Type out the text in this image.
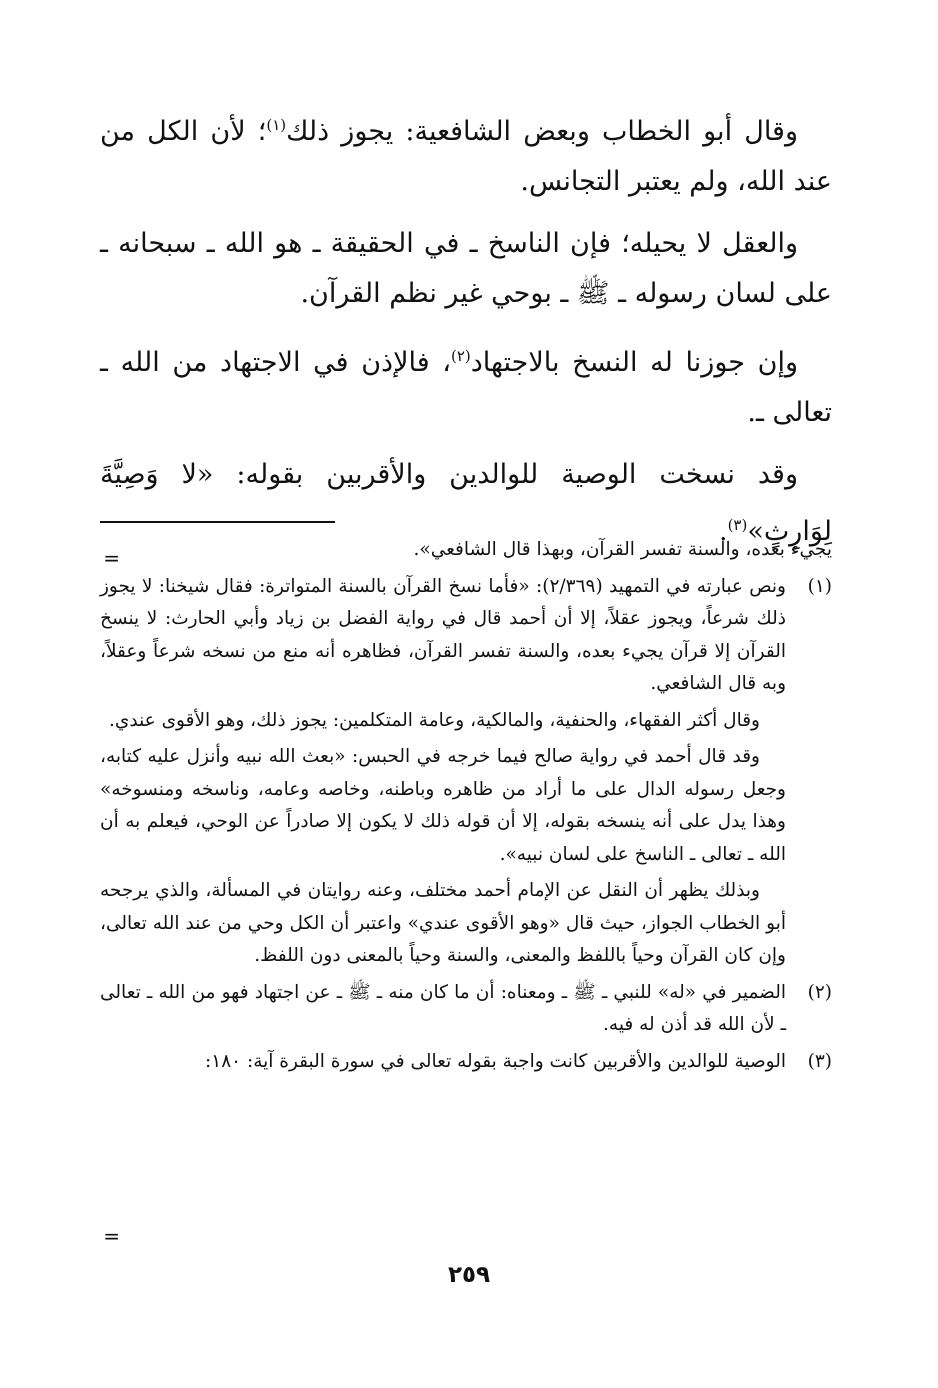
وقال أبو الخطاب وبعض الشافعية: يجوز ذلك$^{(١)}$؛ لأن الكل من عند الله، ولم يعتبر التجانس.

والعقل لا يحيله؛ فإن الناسخ ـ في الحقيقة ـ هو الله ـ سبحانه ـ على لسان رسوله ـ ﷺ ـ بوحي غير نظم القرآن.

وإن جوزنا له النسخ بالاجتهاد$^{(٢)}$، فالإذن في الاجتهاد من الله ـ تعالى ـ.

وقد نسخت الوصية للوالدين والأقربين بقوله: «لا وَصِيَّةَ لِوَارِثٍ»$^{(٣)}$.

=	يجيء بعده، والسنة تفسر القرآن، وبهذا قال الشافعي».

(١)
ونص عبارته في التمهيد (٢/٣٦٩): «فأما نسخ القرآن بالسنة المتواترة: فقال شيخنا: لا يجوز ذلك شرعاً، ويجوز عقلاً، إلا أن أحمد قال في رواية الفضل بن زياد وأبي الحارث: لا ينسخ القرآن إلا قرآن يجيء بعده، والسنة تفسر القرآن، فظاهره أنه منع من نسخه شرعاً وعقلاً، وبه قال الشافعي.

وقال أكثر الفقهاء، والحنفية، والمالكية، وعامة المتكلمين: يجوز ذلك، وهو الأقوى عندي.

وقد قال أحمد في رواية صالح فيما خرجه في الحبس: «بعث الله نبيه وأنزل عليه كتابه، وجعل رسوله الدال على ما أراد من ظاهره وباطنه، وخاصه وعامه، وناسخه ومنسوخه» وهذا يدل على أنه ينسخه بقوله، إلا أن قوله ذلك لا يكون إلا صادراً عن الوحي، فيعلم به أن الله ـ تعالى ـ الناسخ على لسان نبيه».

وبذلك يظهر أن النقل عن الإمام أحمد مختلف، وعنه روايتان في المسألة، والذي يرجحه أبو الخطاب الجواز، حيث قال «وهو الأقوى عندي» واعتبر أن الكل وحي من عند الله تعالى، وإن كان القرآن وحياً باللفظ والمعنى، والسنة وحياً بالمعنى دون اللفظ.

(٢)
الضمير في «له» للنبي ـ ﷺ ـ ومعناه: أن ما كان منه ـ ﷺ ـ عن اجتهاد فهو من الله ـ تعالى ـ لأن الله قد أذن له فيه.

(٣)
الوصية للوالدين والأقربين كانت واجبة بقوله تعالى في سورة البقرة آية: ١٨٠:

=
٢٥٩
